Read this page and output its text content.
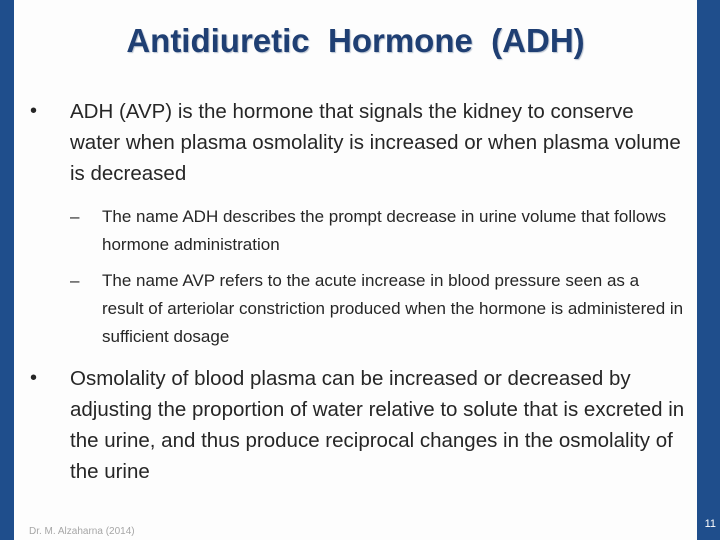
Antidiuretic  Hormone  (ADH)
•	ADH (AVP) is the hormone that signals the kidney to conserve water when plasma osmolality is increased or when plasma volume is decreased
–	The name ADH describes the prompt decrease in urine volume that follows hormone administration
–	The name AVP refers to the acute increase in blood pressure seen as a result of arteriolar constriction produced when the hormone is administered in sufficient dosage
•	Osmolality of blood plasma can be increased or decreased by adjusting the proportion of water relative to solute that is excreted in the urine, and thus produce reciprocal changes in the osmolality of the urine
Dr. M. Alzaharna (2014)
11
